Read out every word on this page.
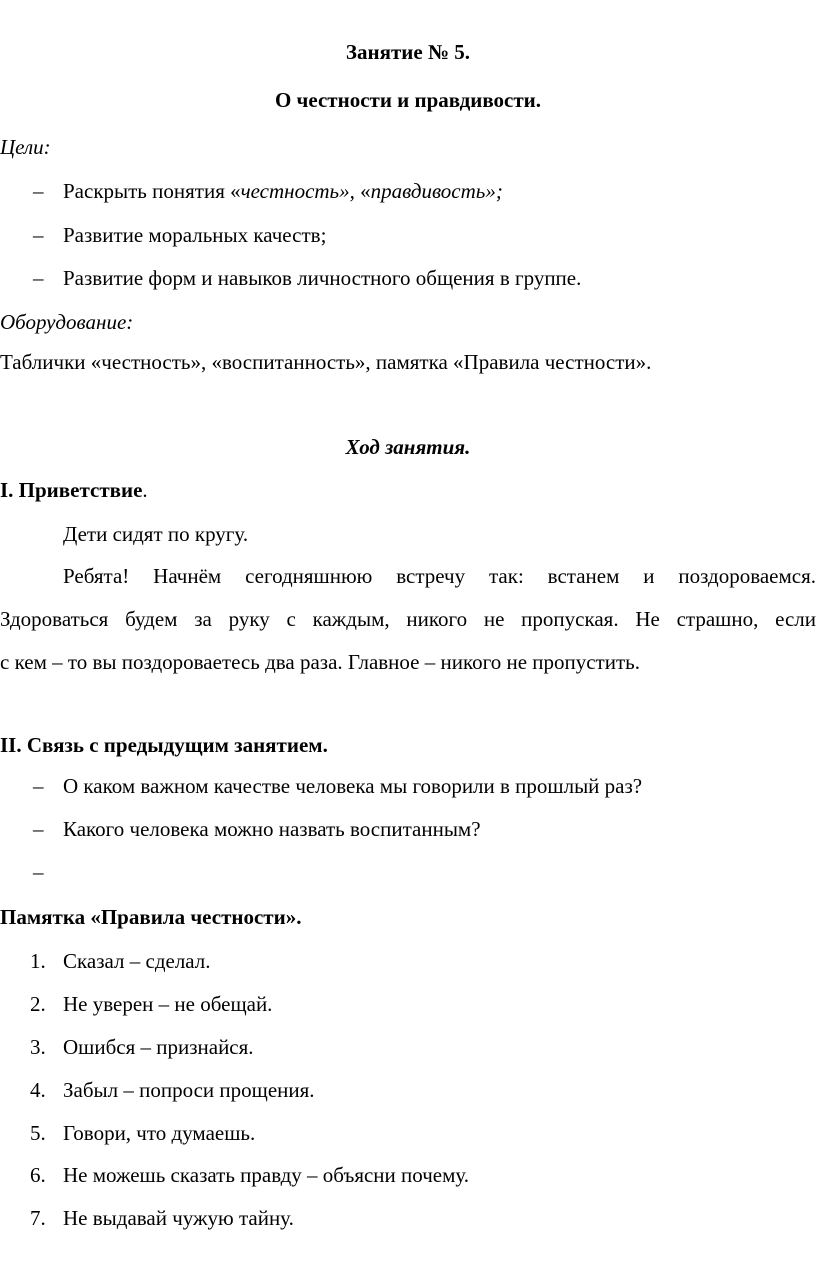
Занятие № 5.
О честности и правдивости.
Цели:
– Раскрыть понятия «честность», «правдивость»;
– Развитие моральных качеств;
– Развитие форм и навыков личностного общения в группе.
Оборудование:
Таблички «честность», «воспитанность», памятка «Правила честности».
Ход занятия.
I. Приветствие.
Дети сидят по кругу.
Ребята! Начнём сегодняшнюю встречу так: встанем и поздороваемся.
Здороваться будем за руку с каждым, никого не пропуская. Не страшно, если
с кем – то вы поздороваетесь два раза. Главное – никого не пропустить.
II. Связь с предыдущим занятием.
– О каком важном качестве человека мы говорили в прошлый раз?
– Какого человека можно назвать воспитанным?
–
Памятка «Правила честности».
1. Сказал – сделал.
2. Не уверен – не обещай.
3. Ошибся – признайся.
4. Забыл – попроси прощения.
5. Говори, что думаешь.
6. Не можешь сказать правду – объясни почему.
7. Не выдавай чужую тайну.
